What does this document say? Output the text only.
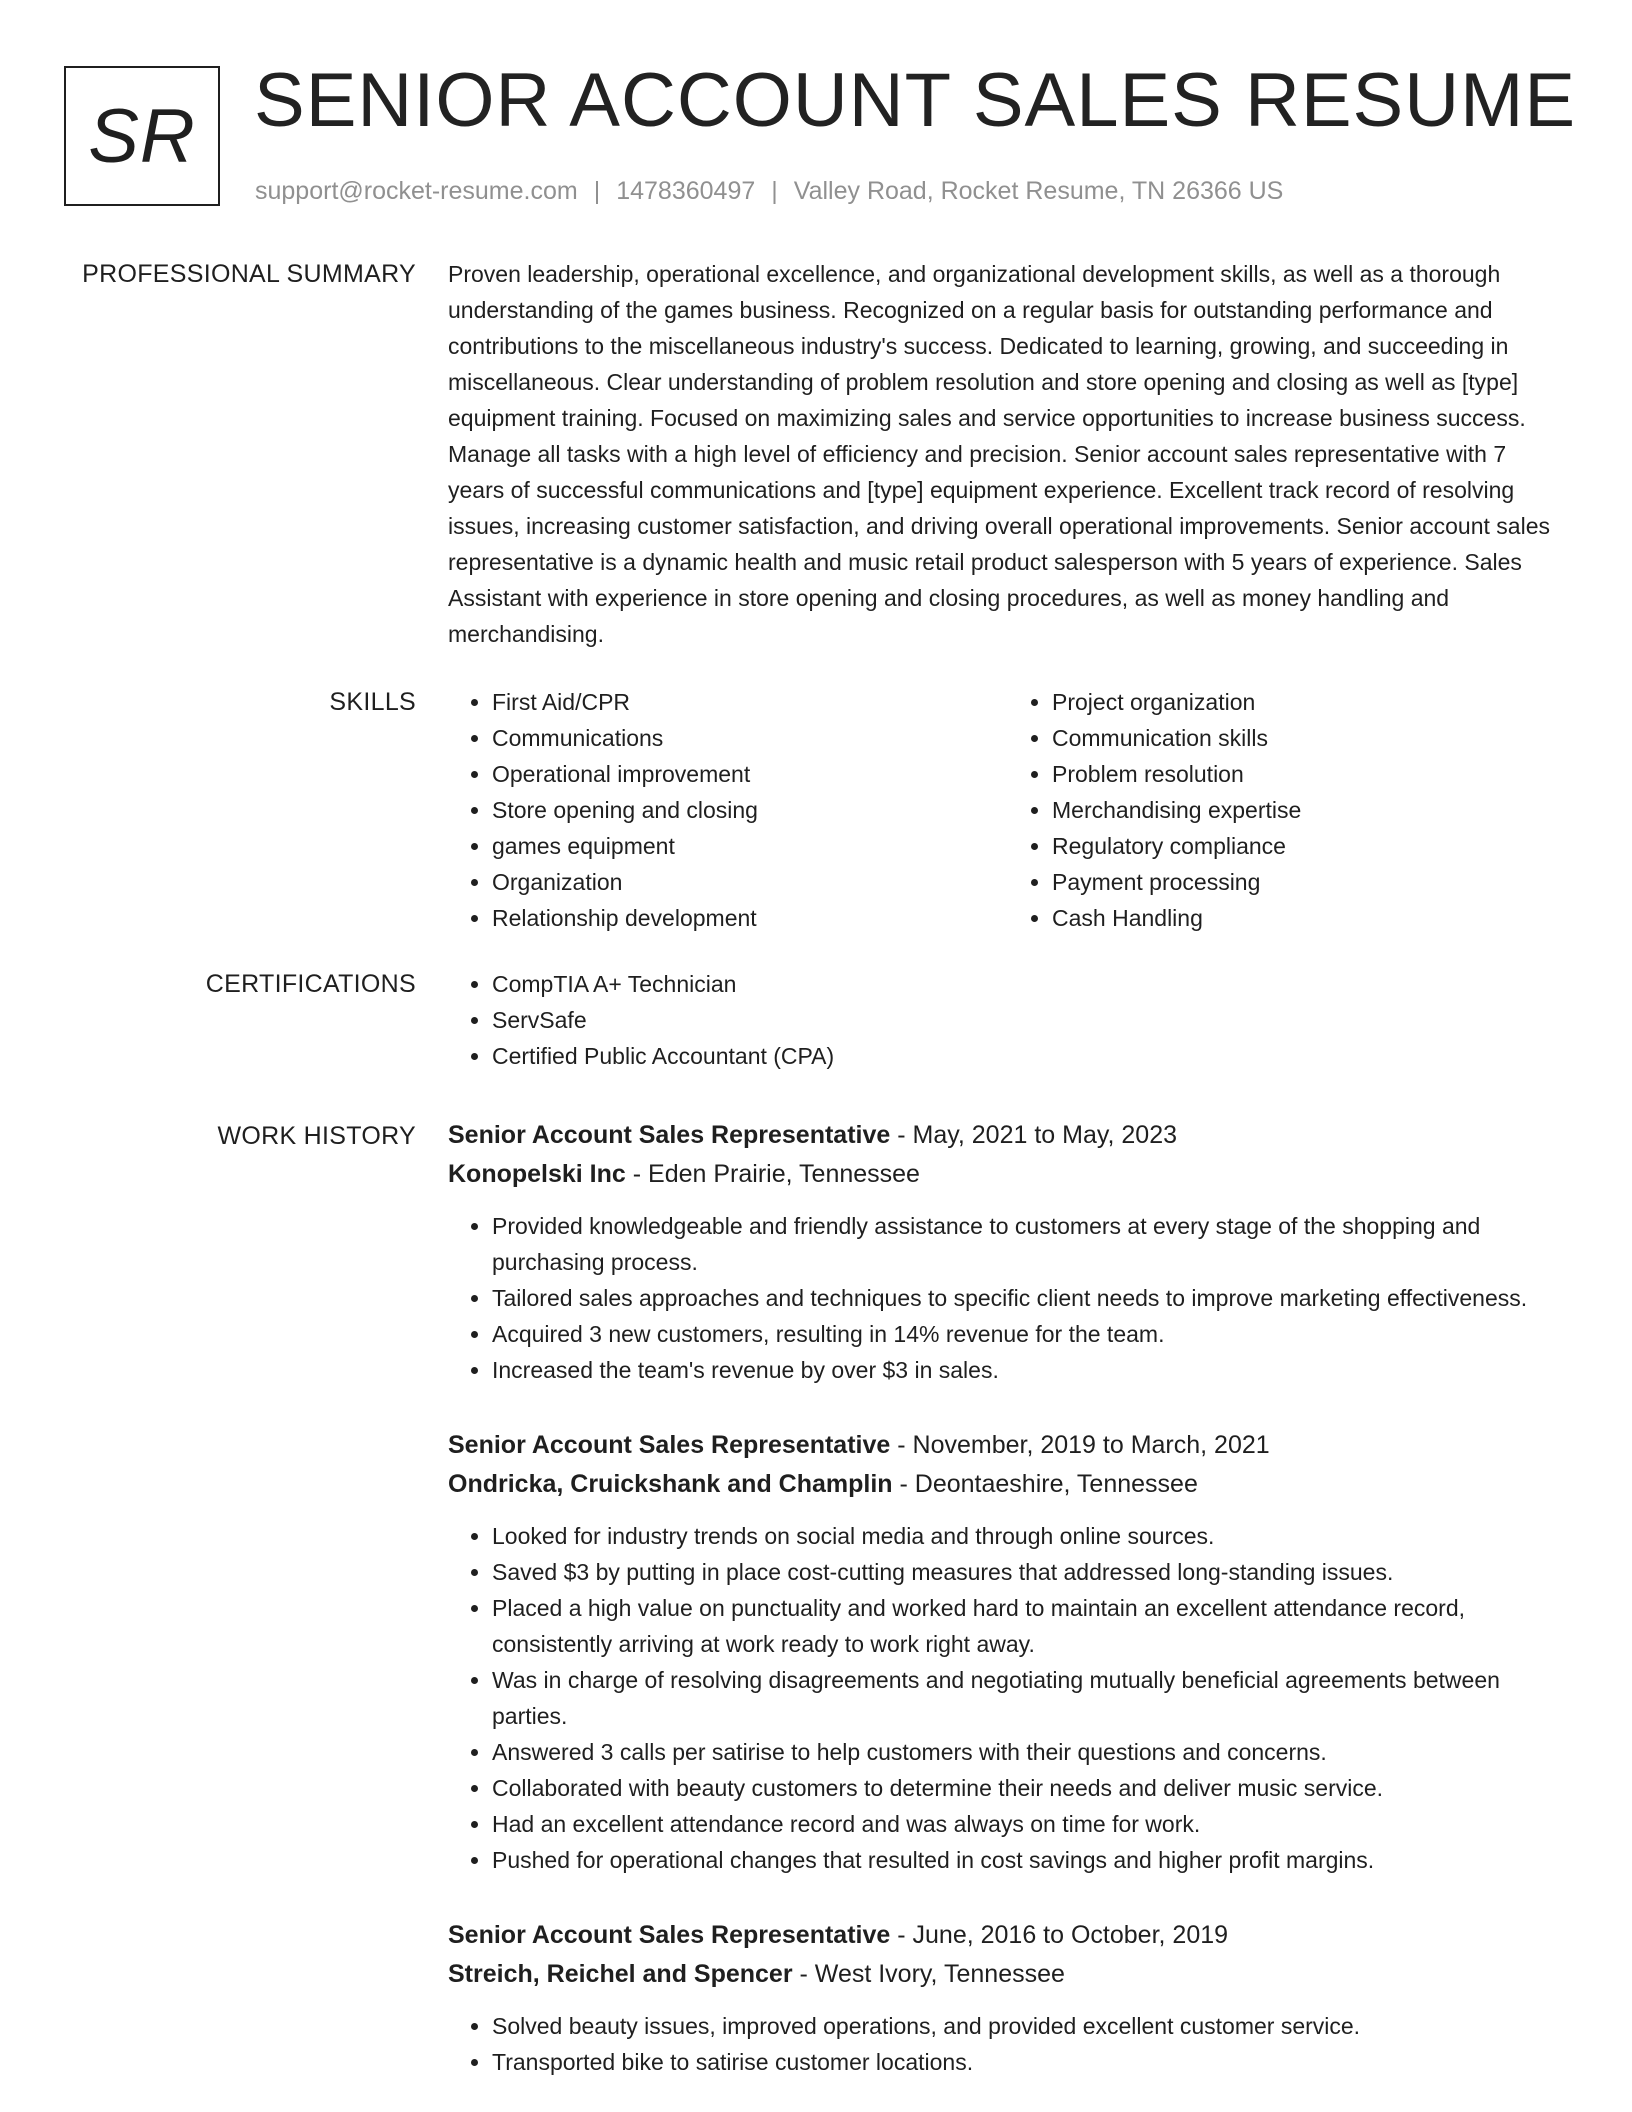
SR SENIOR ACCOUNT SALES RESUME
support@rocket-resume.com | 1478360497 | Valley Road, Rocket Resume, TN 26366 US
PROFESSIONAL SUMMARY Proven leadership, operational excellence, and organizational development skills, as well as a thorough understanding of the games business. Recognized on a regular basis for outstanding performance and contributions to the miscellaneous industry's success. Dedicated to learning, growing, and succeeding in miscellaneous. Clear understanding of problem resolution and store opening and closing as well as [type] equipment training. Focused on maximizing sales and service opportunities to increase business success. Manage all tasks with a high level of efficiency and precision. Senior account sales representative with 7 years of successful communications and [type] equipment experience. Excellent track record of resolving issues, increasing customer satisfaction, and driving overall operational improvements. Senior account sales representative is a dynamic health and music retail product salesperson with 5 years of experience. Sales Assistant with experience in store opening and closing procedures, as well as money handling and merchandising.

SKILLS	• First Aid/CPR
• Communications
• Operational improvement
• Store opening and closing
• games equipment
• Organization
• Relationship development
• Project organization
• Communication skills
• Problem resolution
• Merchandising expertise
• Regulatory compliance
• Payment processing
• Cash Handling
CERTIFICATIONS	• CompTIA A+ Technician
• ServSafe
• Certified Public Accountant (CPA)
WORK HISTORY Senior Account Sales Representative - May, 2021 to May, 2023
Konopelski Inc - Eden Prairie, Tennessee
• Provided knowledgeable and friendly assistance to customers at every stage of the shopping and purchasing process.
• Tailored sales approaches and techniques to specific client needs to improve marketing effectiveness.
• Acquired 3 new customers, resulting in 14% revenue for the team.
• Increased the team's revenue by over $3 in sales.
Senior Account Sales Representative - November, 2019 to March, 2021
Ondricka, Cruickshank and Champlin - Deontaeshire, Tennessee
• Looked for industry trends on social media and through online sources.
• Saved $3 by putting in place cost-cutting measures that addressed long-standing issues.
• Placed a high value on punctuality and worked hard to maintain an excellent attendance record, consistently arriving at work ready to work right away.
• Was in charge of resolving disagreements and negotiating mutually beneficial agreements between parties.
• Answered 3 calls per satirise to help customers with their questions and concerns.
• Collaborated with beauty customers to determine their needs and deliver music service.
• Had an excellent attendance record and was always on time for work.
• Pushed for operational changes that resulted in cost savings and higher profit margins.
Senior Account Sales Representative - June, 2016 to October, 2019
Streich, Reichel and Spencer - West Ivory, Tennessee
• Solved beauty issues, improved operations, and provided excellent customer service.
• Transported bike to satirise customer locations.
